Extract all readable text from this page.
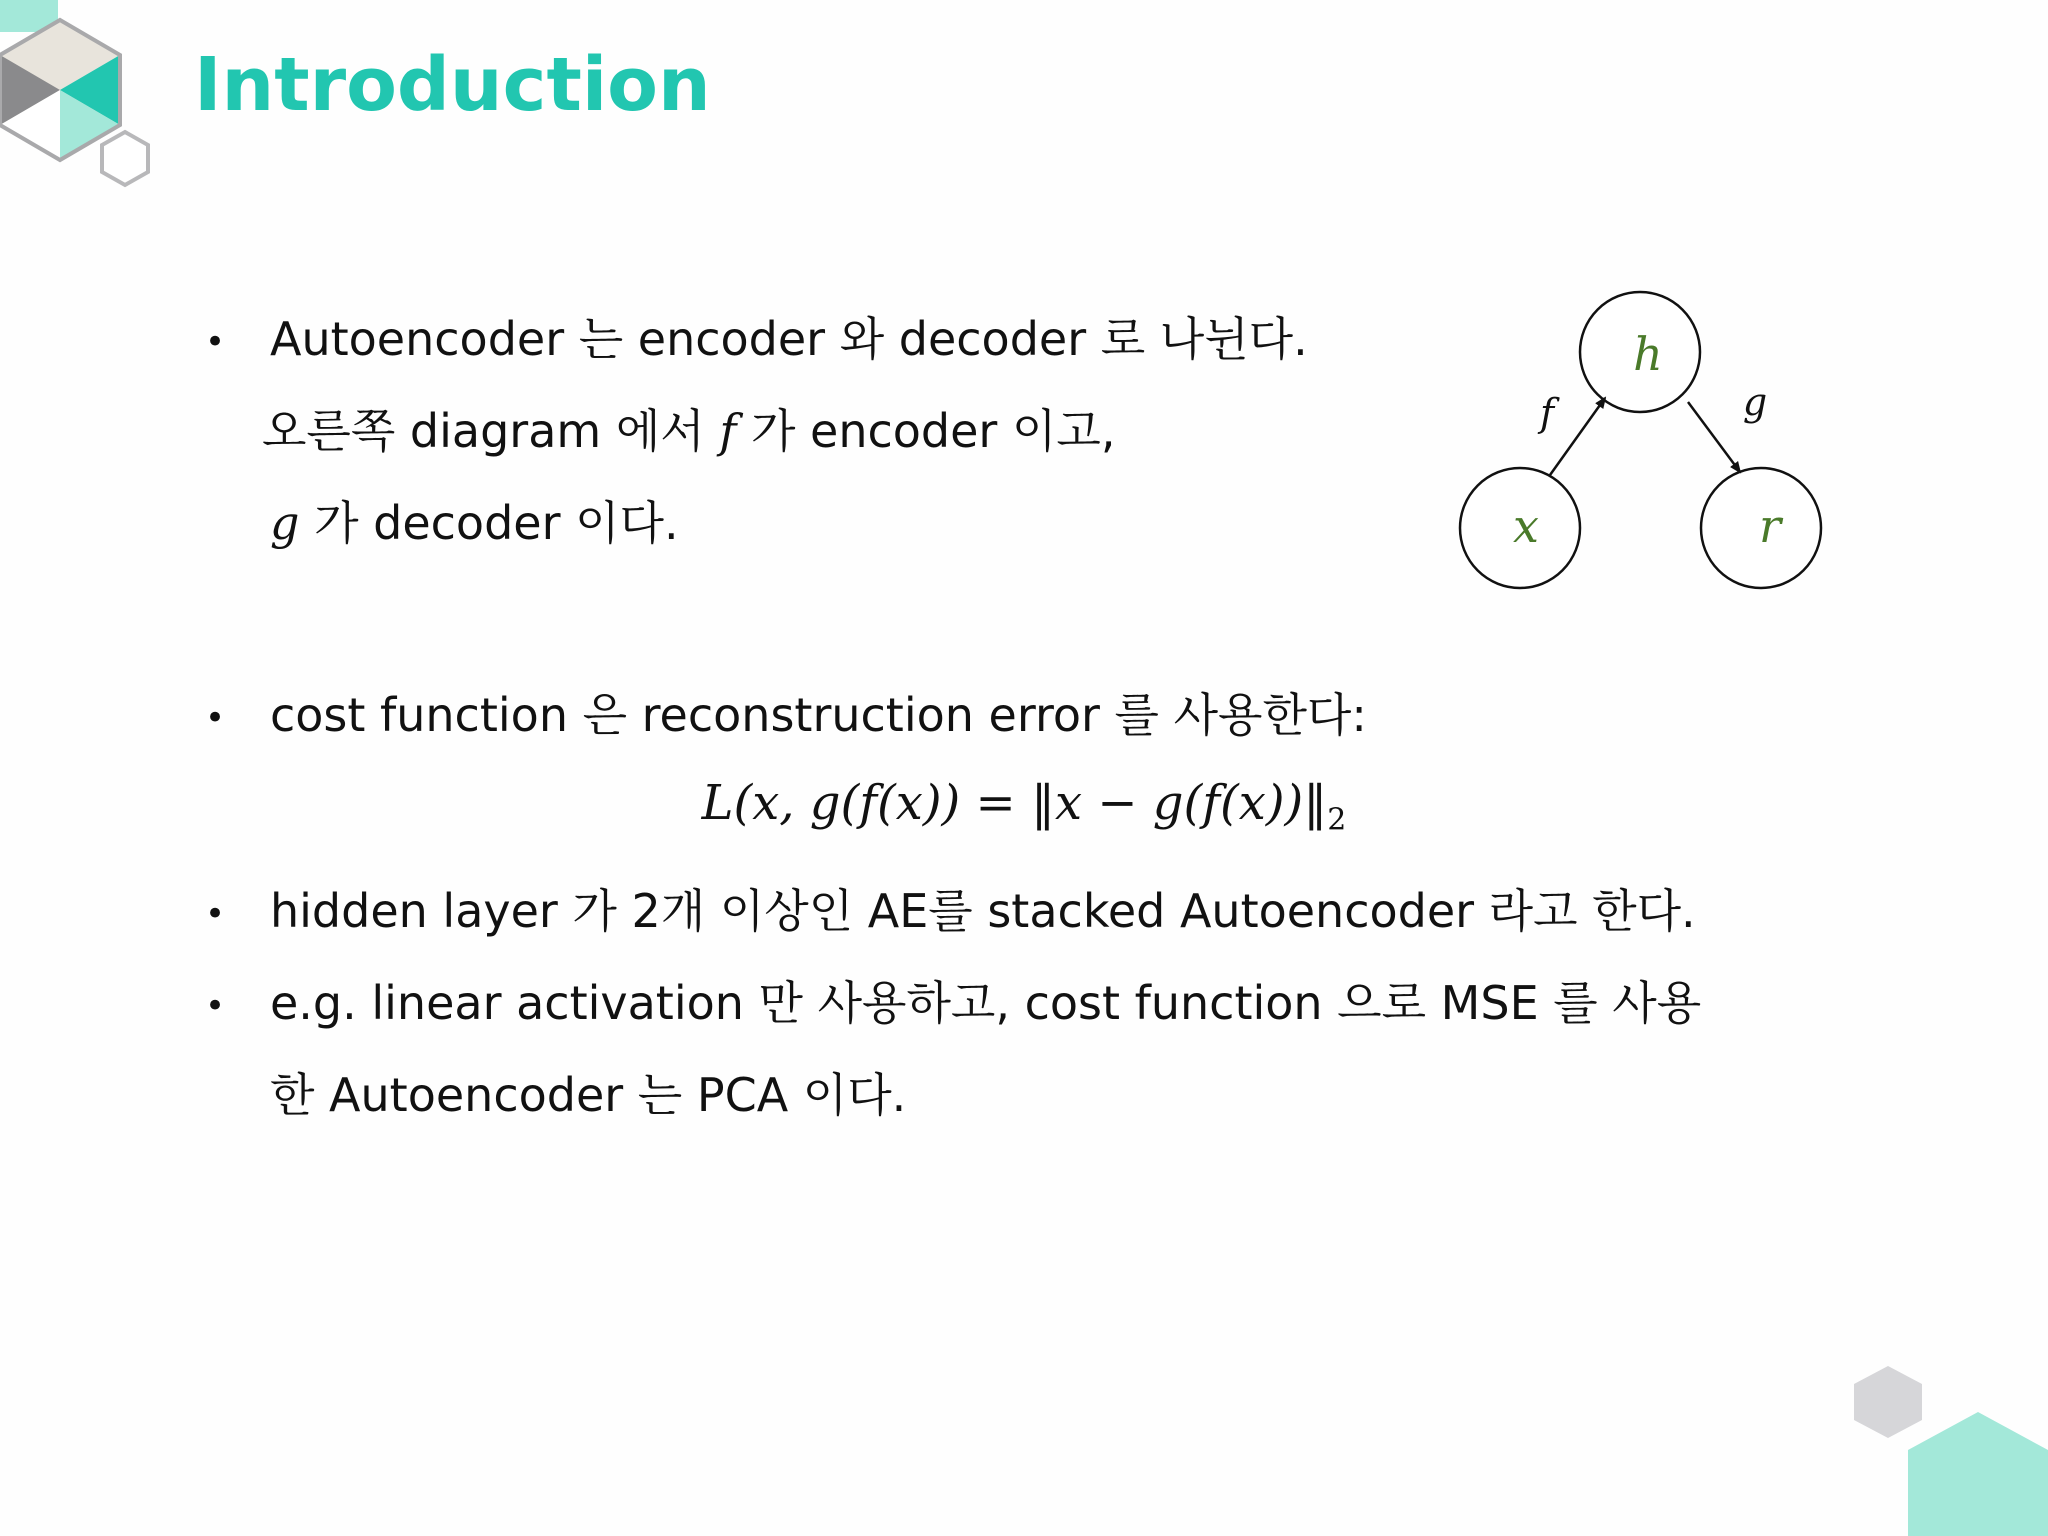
Introduction
• Autoencoder 는 encoder 와 decoder 로 나뉜다.
오른쪽 diagram 에서 f 가 encoder 이고,
g 가 decoder 이다.
h
x	r
f	g
• cost function 은 reconstruction error 를 사용한다:
L(x, g(f(x)) = ‖x − $g(f(x))‖_2$
• hidden layer 가 2개 이상인 AE를 stacked Autoencoder 라고 한다.
• e.g. linear activation 만 사용하고, cost function 으로 MSE 를 사용
한 Autoencoder 는 PCA 이다.
